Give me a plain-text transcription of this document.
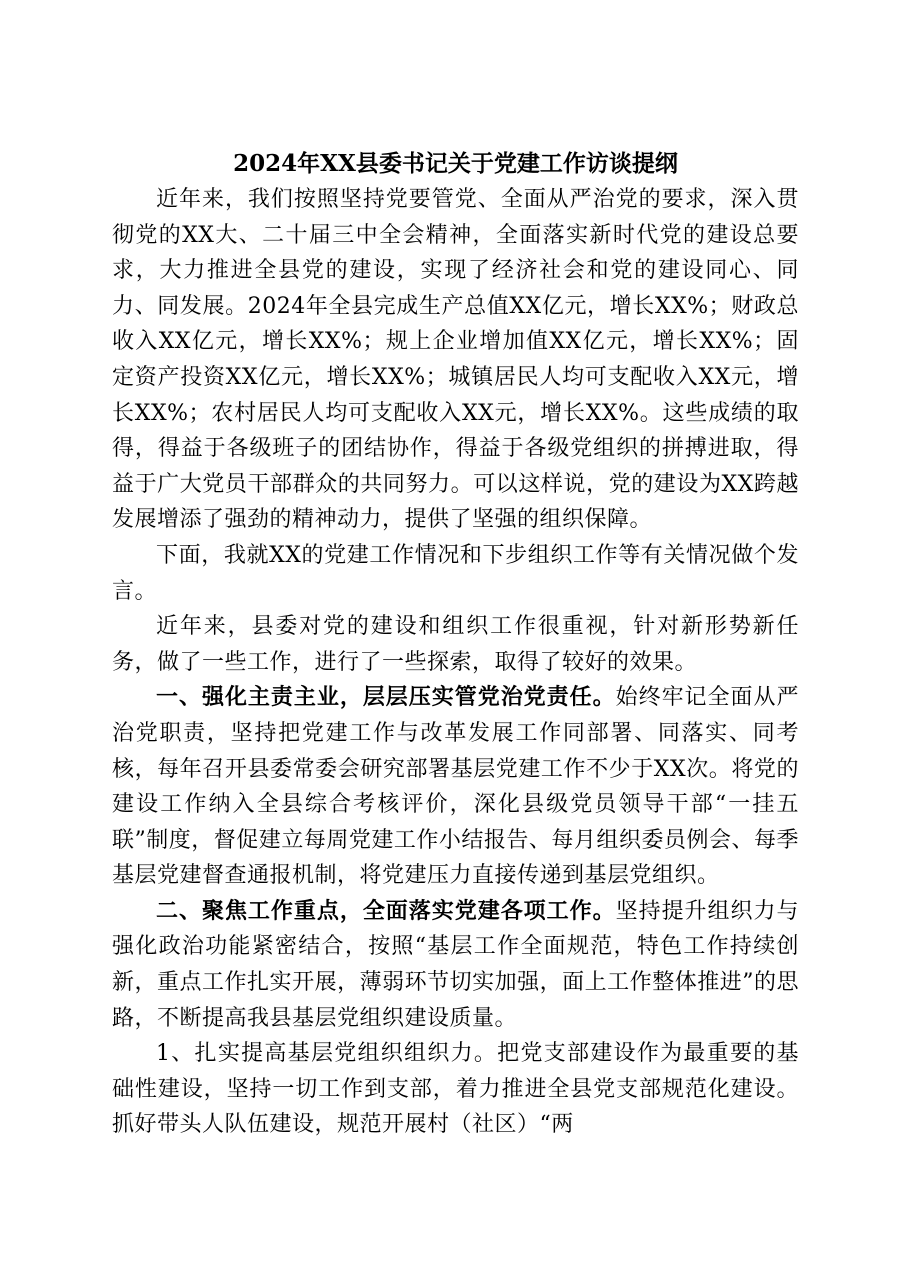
2024年XX县委书记关于党建工作访谈提纲

近年来，我们按照坚持党要管党、全面从严治党的要求，深入贯彻党的XX大、二十届三中全会精神，全面落实新时代党的建设总要求，大力推进全县党的建设，实现了经济社会和党的建设同心、同力、同发展。2024年全县完成生产总值XX亿元，增长XX%；财政总收入XX亿元，增长XX%；规上企业增加值XX亿元，增长XX%；固定资产投资XX亿元，增长XX%；城镇居民人均可支配收入XX元，增长XX%；农村居民人均可支配收入XX元，增长XX%。这些成绩的取得，得益于各级班子的团结协作，得益于各级党组织的拼搏进取，得益于广大党员干部群众的共同努力。可以这样说，党的建设为XX跨越发展增添了强劲的精神动力，提供了坚强的组织保障。

下面，我就XX的党建工作情况和下步组织工作等有关情况做个发言。

近年来，县委对党的建设和组织工作很重视，针对新形势新任务，做了一些工作，进行了一些探索，取得了较好的效果。

一、强化主责主业，层层压实管党治党责任。始终牢记全面从严治党职责，坚持把党建工作与改革发展工作同部署、同落实、同考核，每年召开县委常委会研究部署基层党建工作不少于XX次。将党的建设工作纳入全县综合考核评价，深化县级党员领导干部“一挂五联”制度，督促建立每周党建工作小结报告、每月组织委员例会、每季基层党建督查通报机制，将党建压力直接传递到基层党组织。

二、聚焦工作重点，全面落实党建各项工作。坚持提升组织力与强化政治功能紧密结合，按照“基层工作全面规范，特色工作持续创新，重点工作扎实开展，薄弱环节切实加强，面上工作整体推进”的思路，不断提高我县基层党组织建设质量。

1、扎实提高基层党组织组织力。把党支部建设作为最重要的基础性建设，坚持一切工作到支部，着力推进全县党支部规范化建设。抓好带头人队伍建设，规范开展村（社区）“两
